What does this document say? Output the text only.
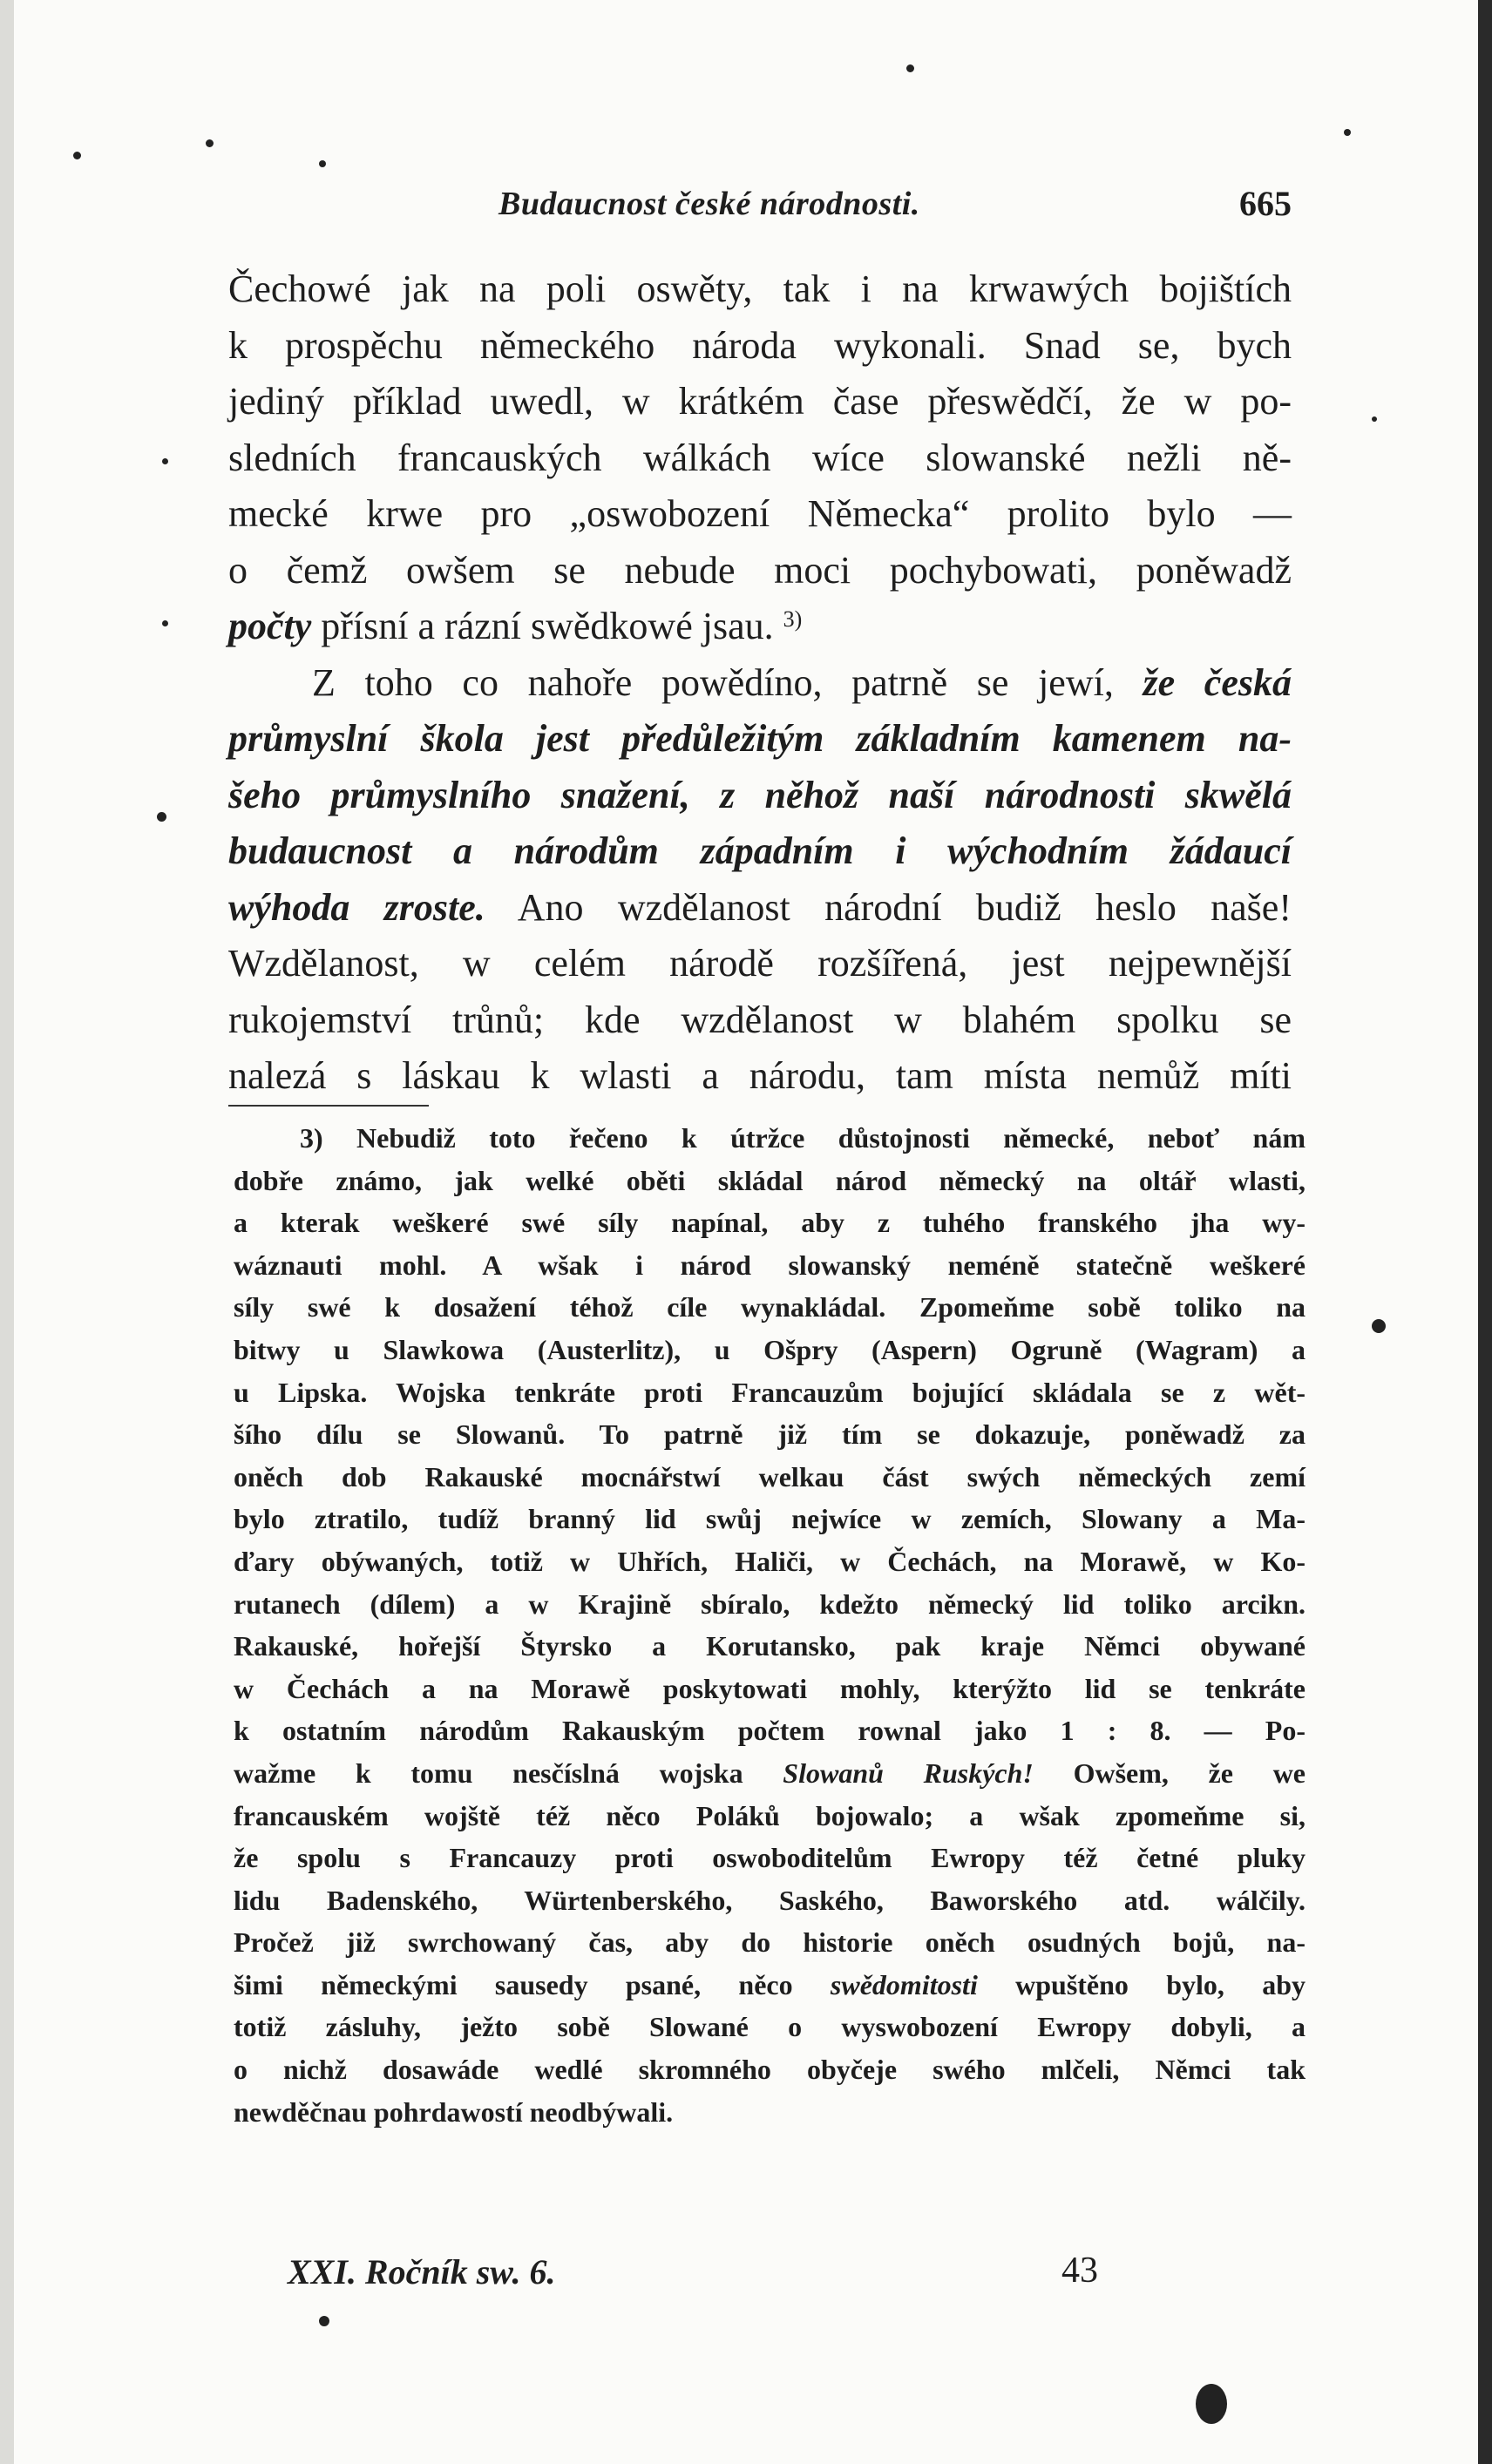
Budaucnost české národnosti.	665

Čechowé jak na poli oswěty, tak i na krwawých bojištích
k prospěchu německého národa wykonali. Snad se, bych
jediný příklad uwedl, w krátkém čase přeswědčí, že w po-
sledních francauských wálkách wíce slowanské nežli ně-
mecké krwe pro „oswobození Německa“ prolito bylo —
o čemž owšem se nebude moci pochybowati, poněwadž
počty přísní a rázní swědkowé jsau. $^{3)}$

Z toho co nahoře powědíno, patrně se jewí, že česká
průmyslní škola jest předůležitým základním kamenem na-
šeho průmyslního snažení, z něhož naší národnosti skwělá
budaucnost a národům západním i wýchodním žádaucí
wýhoda zroste. Ano wzdělanost národní budiž heslo naše!
Wzdělanost, w celém národě rozšířená, jest nejpewnější
rukojemství trůnů; kde wzdělanost w blahém spolku se
nalezá s láskau k wlasti a národu, tam místa nemůž míti

3) Nebudiž toto řečeno k útržce důstojnosti německé, neboť nám
dobře známo, jak welké oběti skládal národ německý na oltář wlasti,
a kterak weškeré swé síly napínal, aby z tuhého franského jha wy-
wáznauti mohl. A wšak i národ slowanský neméně statečně weškeré
síly swé k dosažení téhož cíle wynakládal. Zpomeňme sobě toliko na
bitwy u Slawkowa (Austerlitz), u Ošpry (Aspern) Ogruně (Wagram) a
u Lipska. Wojska tenkráte proti Francauzům bojující skládala se z wět-
šího dílu se Slowanů. To patrně již tím se dokazuje, poněwadž za
oněch dob Rakauské mocnářstwí welkau část swých německých zemí
bylo ztratilo, tudíž branný lid swůj nejwíce w zemích, Slowany a Ma-
ďary obýwaných, totiž w Uhřích, Haliči, w Čechách, na Morawě, w Ko-
rutanech (dílem) a w Krajině sbíralo, kdežto německý lid toliko arcikn.
Rakauské, hořejší Štyrsko a Korutansko, pak kraje Němci obywané
w Čechách a na Morawě poskytowati mohly, kterýžto lid se tenkráte
k ostatním národům Rakauským počtem rownal jako 1 : 8. — Po-
wažme k tomu nesčíslná wojska Slowanů Ruských! Owšem, že we
francauském wojště též něco Poláků bojowalo; a wšak zpomeňme si,
že spolu s Francauzy proti oswoboditelům Ewropy též četné pluky
lidu Badenského, Würtenberského, Saského, Baworského atd. wálčily.
Pročež již swrchowaný čas, aby do historie oněch osudných bojů, na-
šimi německými sausedy psané, něco swědomitosti wpuštěno bylo, aby
totiž zásluhy, ježto sobě Slowané o wyswobození Ewropy dobyli, a
o nichž dosawáde wedlé skromného obyčeje swého mlčeli, Němci tak
newděčnau pohrdawostí neodbýwali.
XXI. Ročník sw. 6.	43
